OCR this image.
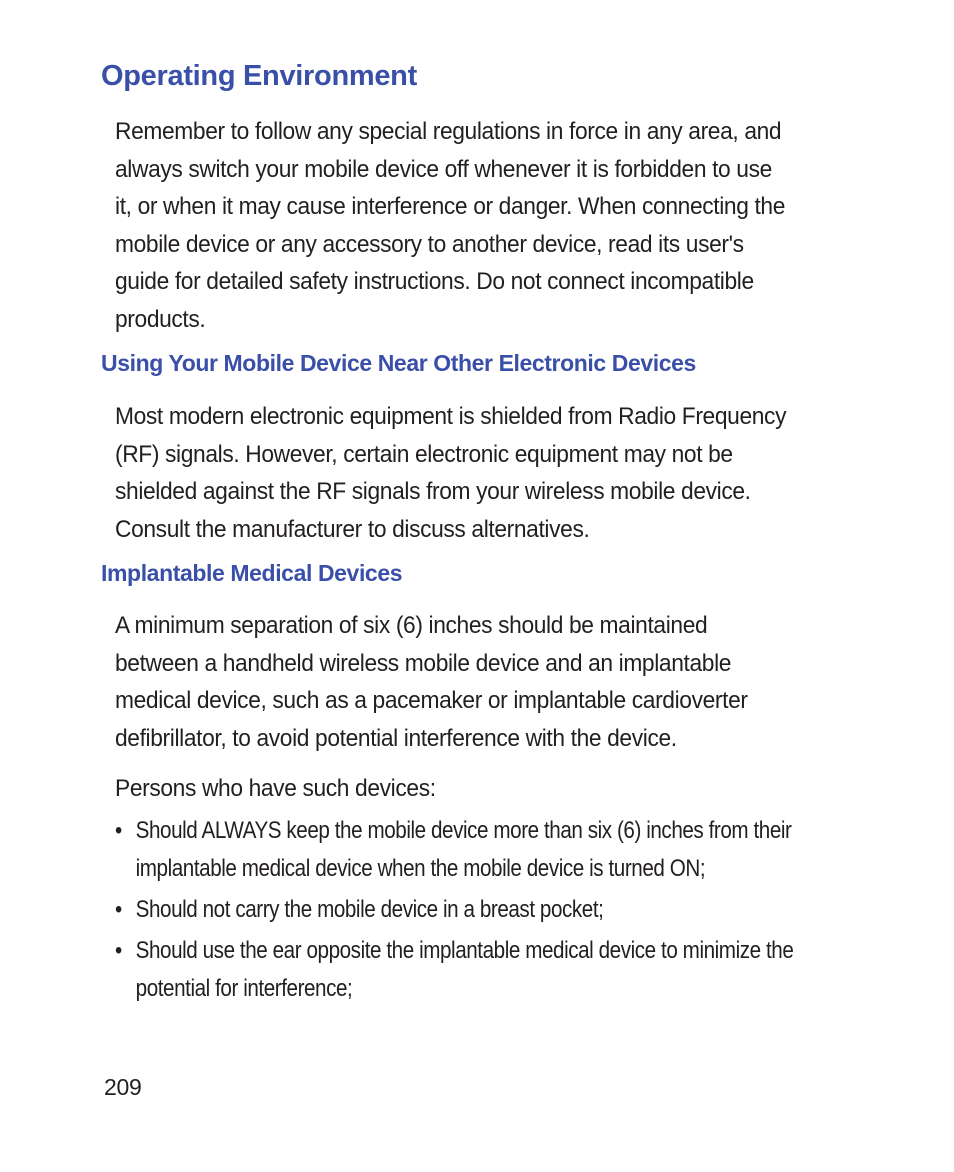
Operating Environment

Remember to follow any special regulations in force in any area, and
always switch your mobile device off whenever it is forbidden to use
it, or when it may cause interference or danger. When connecting the
mobile device or any accessory to another device, read its user's
guide for detailed safety instructions. Do not connect incompatible
products.

Using Your Mobile Device Near Other Electronic Devices

Most modern electronic equipment is shielded from Radio Frequency
(RF) signals. However, certain electronic equipment may not be
shielded against the RF signals from your wireless mobile device.
Consult the manufacturer to discuss alternatives.

Implantable Medical Devices

A minimum separation of six (6) inches should be maintained
between a handheld wireless mobile device and an implantable
medical device, such as a pacemaker or implantable cardioverter
defibrillator, to avoid potential interference with the device.

Persons who have such devices:

• Should ALWAYS keep the mobile device more than six (6) inches from their
implantable medical device when the mobile device is turned ON;
• Should not carry the mobile device in a breast pocket;
• Should use the ear opposite the implantable medical device to minimize the
potential for interference;
209
